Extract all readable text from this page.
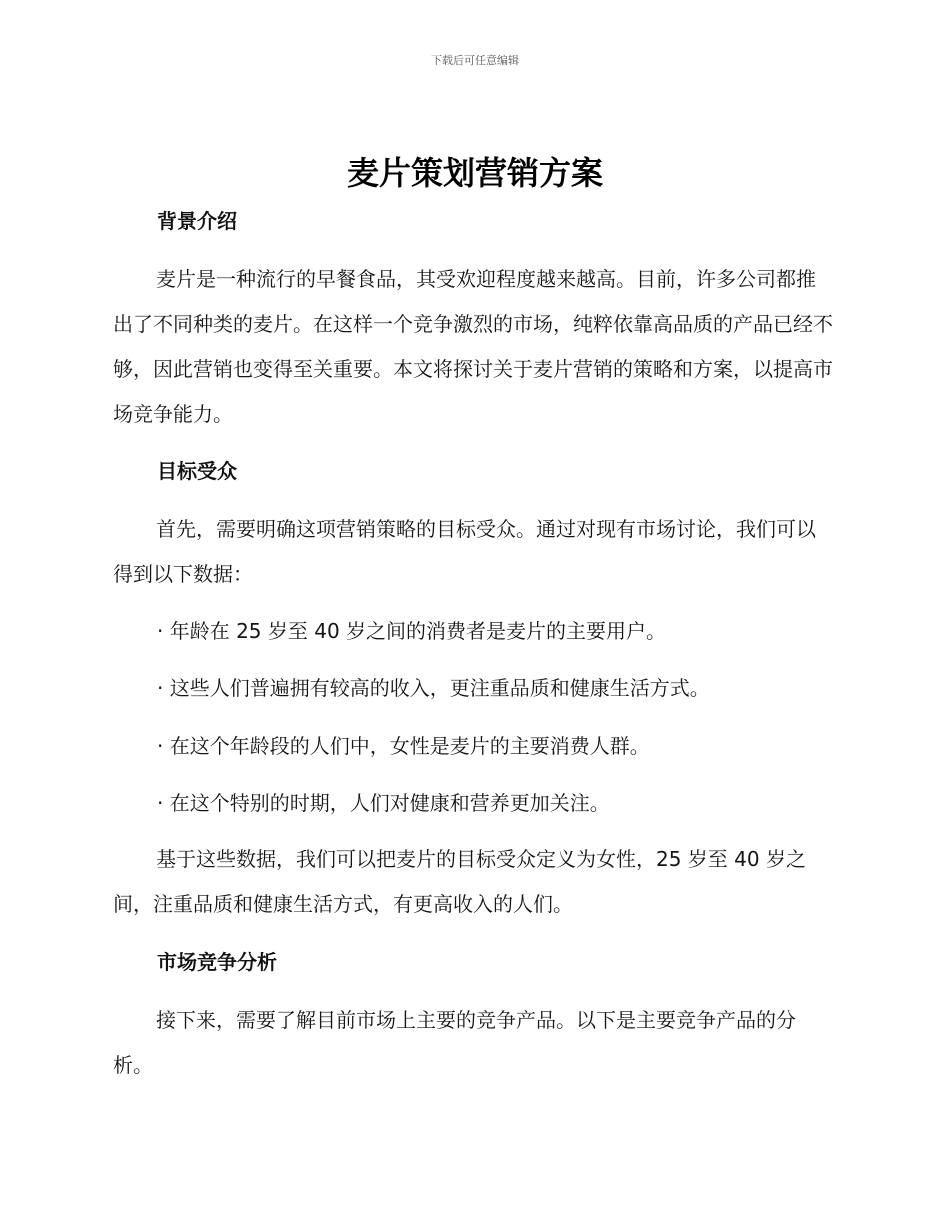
下载后可任意编辑
麦片策划营销方案
背景介绍

麦片是一种流行的早餐食品，其受欢迎程度越来越高。目前，许多公司都推出了不同种类的麦片。在这样一个竞争激烈的市场，纯粹依靠高品质的产品已经不够，因此营销也变得至关重要。本文将探讨关于麦片营销的策略和方案，以提高市场竞争能力。

目标受众

首先，需要明确这项营销策略的目标受众。通过对现有市场讨论，我们可以得到以下数据：

· 年龄在 25 岁至 40 岁之间的消费者是麦片的主要用户。

· 这些人们普遍拥有较高的收入，更注重品质和健康生活方式。

· 在这个年龄段的人们中，女性是麦片的主要消费人群。

· 在这个特别的时期，人们对健康和营养更加关注。

基于这些数据，我们可以把麦片的目标受众定义为女性，25 岁至 40 岁之间，注重品质和健康生活方式，有更高收入的人们。

市场竞争分析

接下来，需要了解目前市场上主要的竞争产品。以下是主要竞争产品的分析。
